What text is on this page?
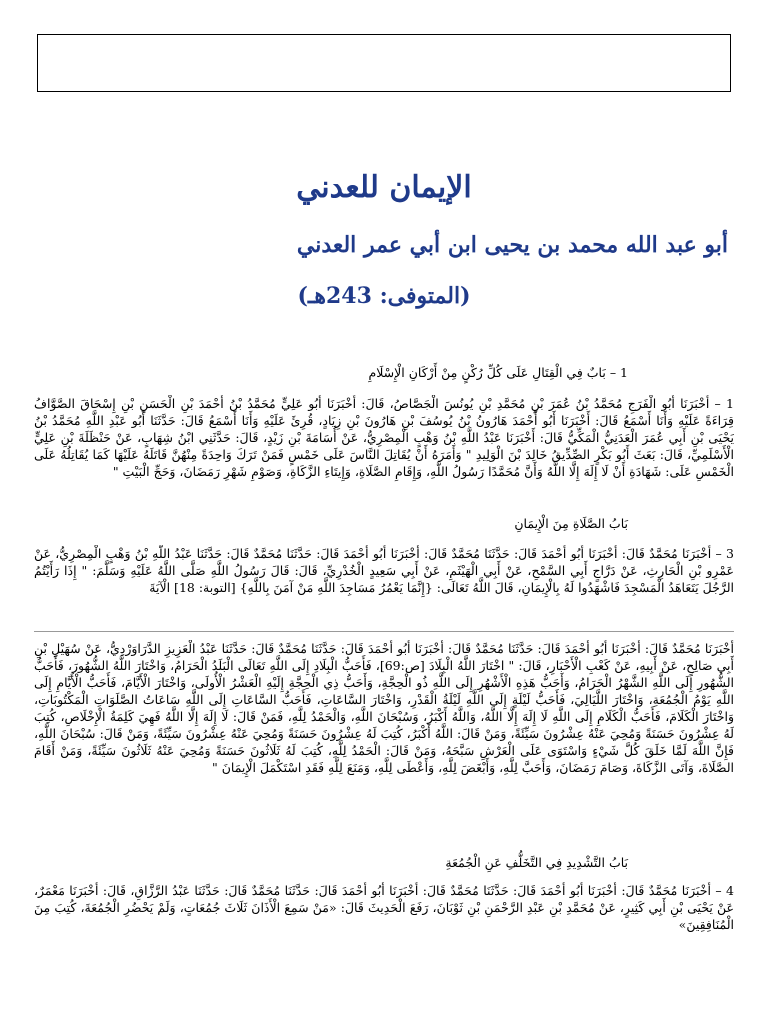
الإيمان للعدني
أبو عبد الله محمد بن يحيى ابن أبي عمر العدني
(المتوفى: 243هـ)
1 – بَابٌ فِي الْقِتَالِ عَلَى كُلِّ رُكْنٍ مِنْ أَرْكَانِ الْإِسْلَامِ
1 – أَخْبَرَنَا أَبُو الْفَرَجِ مُحَمَّدُ بْنُ عُمَرَ بْنِ مُحَمَّدِ بْنِ يُونُسَ الْجَصَّاصُ، قَالَ: أَخْبَرَنَا أَبُو عَلِيٍّ مُحَمَّدُ بْنُ أَحْمَدَ بْنِ الْحَسَنِ بْنِ إِسْحَاقَ الصَّوَّافُ قِرَاءَةً عَلَيْهِ وَأَنَا أَسْمَعُ قَالَ: أَخْبَرَنَا أَبُو أَحْمَدَ هَارُونُ بْنُ يُوسُفَ بْنِ هَارُونَ بْنِ زِيَادٍ، قُرِئَ عَلَيْهِ وَأَنَا أَسْمَعُ قَالَ: حَدَّثَنَا أَبُو عَبْدِ اللَّهِ مُحَمَّدُ بْنُ يَحْيَى بْنِ أَبِي عُمَرَ الْعَدَنِيُّ الْمَكِّيُّ قَالَ: أَخْبَرَنَا عَبْدُ اللَّهِ بْنُ وَهْبٍ الْمِصْرِيُّ، عَنْ أُسَامَةَ بْنِ زَيْدٍ، قَالَ: حَدَّثَنِي ابْنُ شِهَابٍ، عَنْ حَنْظَلَةَ بْنِ عَلِيٍّ الْأَسْلَمِيِّ، قَالَ: بَعَثَ أَبُو بَكْرٍ الصِّدِّيقُ خَالِدَ بْنَ الْوَلِيدِ " وَأَمَرَهُ أَنْ يُقَاتِلَ النَّاسَ عَلَى خَمْسٍ فَمَنْ تَرَكَ وَاحِدَةً مِنْهُنَّ قَاتَلَهُ عَلَيْهَا كَمَا يُقَاتِلُهُ عَلَى الْخَمْسِ عَلَى: شَهَادَةِ أَنْ لَا إِلَهَ إِلَّا اللَّهُ وَأَنَّ مُحَمَّدًا رَسُولُ اللَّهِ، وَإِقَامِ الصَّلَاةِ، وَإِيتَاءِ الزَّكَاةِ، وَصَوْمِ شَهْرِ رَمَضَانَ، وَحَجِّ الْبَيْتِ "
بَابُ الصَّلَاةِ مِنَ الْإِيمَانِ
3 – أَخْبَرَنَا مُحَمَّدٌ قَالَ: أَخْبَرَنَا أَبُو أَحْمَدَ قَالَ: حَدَّثَنَا مُحَمَّدٌ قَالَ: أَخْبَرَنَا أَبُو أَحْمَدَ قَالَ: حَدَّثَنَا مُحَمَّدٌ قَالَ: حَدَّثَنَا عَبْدُ اللَّهِ بْنُ وَهْبٍ الْمِصْرِيُّ، عَنْ عَمْرِو بْنِ الْحَارِثِ، عَنْ دَرَّاجٍ أَبِي السَّمْحِ، عَنْ أَبِي الْهَيْثَمِ، عَنْ أَبِي سَعِيدٍ الْخُدْرِيِّ، قَالَ: قَالَ رَسُولُ اللَّهِ صَلَّى اللَّهُ عَلَيْهِ وَسَلَّمَ: " إِذَا رَأَيْتُمُ الرَّجُلَ يَتَعَاهَدُ الْمَسْجِدَ فَاشْهَدُوا لَهُ بِالْإِيمَانِ، قَالَ اللَّهُ تَعَالَى: {إِنَّمَا يَعْمُرُ مَسَاجِدَ اللَّهِ مَنْ آمَنَ بِاللَّهِ} [التوبة: 18] الْآيَةَ
أَخْبَرَنَا مُحَمَّدٌ قَالَ: أَخْبَرَنَا أَبُو أَحْمَدَ قَالَ: حَدَّثَنَا مُحَمَّدٌ قَالَ: أَخْبَرَنَا أَبُو أَحْمَدَ قَالَ: حَدَّثَنَا مُحَمَّدٌ قَالَ: حَدَّثَنَا عَبْدُ الْعَزِيزِ الدَّرَاوَرْدِيُّ، عَنْ سُهَيْلِ بْنِ أَبِي صَالِحٍ، عَنْ أَبِيهِ، عَنْ كَعْبِ الْأَحْبَارِ، قَالَ: " اخْتَارَ اللَّهُ الْبِلَادَ [ص:69]، فَأَحَبُّ الْبِلَادِ إِلَى اللَّهِ تَعَالَى الْبَلَدُ الْحَرَامُ، وَاخْتَارَ اللَّهُ الشُّهُورَ، فَأَحَبُّ الشُّهُورِ إِلَى اللَّهِ الشَّهْرُ الْحَرَامُ، وَأَحَبُّ هَذِهِ الْأَشْهُرِ إِلَى اللَّهِ ذُو الْحِجَّةِ، وَأَحَبُّ ذِي الْحِجَّةِ إِلَيْهِ الْعَشْرُ الْأُولَى، وَاخْتَارَ الْأَيَّامَ، فَأَحَبُّ الْأَيَّامِ إِلَى اللَّهِ يَوْمُ الْجُمُعَةِ، وَاخْتَارَ اللَّيَالِيَ، فَأَحَبُّ لَيْلَةٍ إِلَى اللَّهِ لَيْلَةُ الْقَدْرِ، وَاخْتَارَ السَّاعَاتِ، فَأَحَبُّ السَّاعَاتِ إِلَى اللَّهِ سَاعَاتُ الصَّلَوَاتِ الْمَكْتُوبَاتِ، وَاخْتَارَ الْكَلَامَ، فَأَحَبُّ الْكَلَامِ إِلَى اللَّهِ لَا إِلَهَ إِلَّا اللَّهُ، وَاللَّهُ أَكْبَرُ، وَسُبْحَانَ اللَّهِ، وَالْحَمْدُ لِلَّهِ، فَمَنْ قَالَ: لَا إِلَهَ إِلَّا اللَّهُ فَهِيَ كَلِمَةُ الْإِخْلَاصِ، كُتِبَ لَهُ عِشْرُونَ حَسَنَةً وَمُحِيَ عَنْهُ عِشْرُونَ سَيِّئَةً، وَمَنْ قَالَ: اللَّهُ أَكْبَرُ، كُتِبَ لَهُ عِشْرُونَ حَسَنَةً وَمُحِيَ عَنْهُ عِشْرُونَ سَيِّئَةً، وَمَنْ قَالَ: سُبْحَانَ اللَّهِ، فَإِنَّ اللَّهَ لَمَّا خَلَقَ كُلَّ شَيْءٍ وَاسْتَوَى عَلَى الْعَرْشِ سَبَّحَهُ، وَمَنْ قَالَ: الْحَمْدُ لِلَّهِ، كُتِبَ لَهُ ثَلَاثُونَ حَسَنَةً وَمُحِيَ عَنْهُ ثَلَاثُونَ سَيِّئَةً، وَمَنْ أَقَامَ الصَّلَاةَ، وَآتَى الزَّكَاةَ، وَصَامَ رَمَضَانَ، وَأَحَبَّ لِلَّهِ، وَأَبْغَضَ لِلَّهِ، وَأَعْطَى لِلَّهِ، وَمَنَعَ لِلَّهِ فَقَدِ اسْتَكْمَلَ الْإِيمَانَ "
بَابُ التَّشْدِيدِ فِي التَّخَلُّفِ عَنِ الْجُمُعَةِ
4 – أَخْبَرَنَا مُحَمَّدٌ قَالَ: أَخْبَرَنَا أَبُو أَحْمَدَ قَالَ: حَدَّثَنَا مُحَمَّدٌ قَالَ: أَخْبَرَنَا أَبُو أَحْمَدَ قَالَ: حَدَّثَنَا مُحَمَّدٌ قَالَ: حَدَّثَنَا عَبْدُ الرَّزَّاقِ، قَالَ: أَخْبَرَنَا مَعْمَرٌ، عَنْ يَحْيَى بْنِ أَبِي كَثِيرٍ، عَنْ مُحَمَّدِ بْنِ عَبْدِ الرَّحْمَنِ بْنِ ثَوْبَانَ، رَفَعَ الْحَدِيثَ قَالَ: «مَنْ سَمِعَ الْأَذَانَ ثَلَاثَ جُمُعَاتٍ، وَلَمْ يَحْضُرِ الْجُمُعَةَ، كُتِبَ مِنَ الْمُنَافِقِينَ»
